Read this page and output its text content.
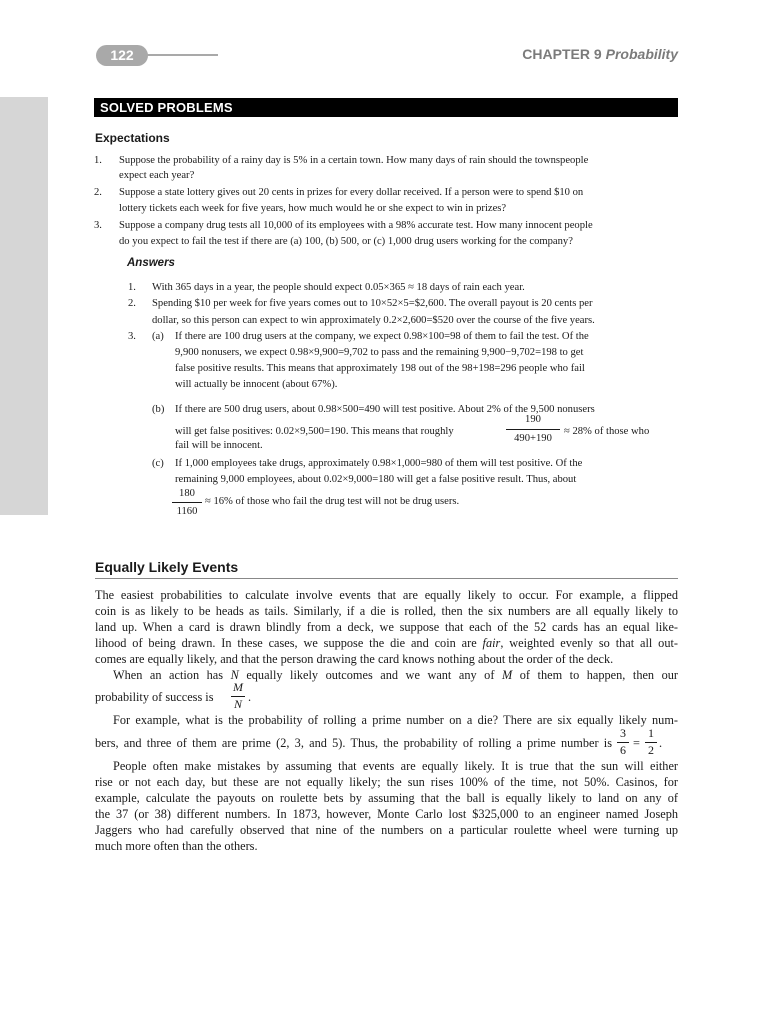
122	CHAPTER 9 Probability
SOLVED PROBLEMS
Expectations
1. Suppose the probability of a rainy day is 5% in a certain town. How many days of rain should the townspeople
expect each year?
2. Suppose a state lottery gives out 20 cents in prizes for every dollar received. If a person were to spend $10 on
lottery tickets each week for five years, how much would he or she expect to win in prizes?
3. Suppose a company drug tests all 10,000 of its employees with a 98% accurate test. How many innocent people
do you expect to fail the test if there are (a) 100, (b) 500, or (c) 1,000 drug users working for the company?
Answers
1. With 365 days in a year, the people should expect 0.05×365 ≈ 18 days of rain each year.
2. Spending $10 per week for five years comes out to 10×52×5=$2,600. The overall payout is 20 cents per
dollar, so this person can expect to win approximately 0.2×2,600=$520 over the course of the five years.
3. (a) If there are 100 drug users at the company, we expect 0.98×100=98 of them to fail the test. Of the
9,900 nonusers, we expect 0.98×9,900=9,702 to pass and the remaining 9,900−9,702=198 to get
false positive results. This means that approximately 198 out of the 98+198=296 people who fail
will actually be innocent (about 67%).
(b) If there are 500 drug users, about 0.98×500=490 will test positive. About 2% of the 9,500 nonusers
will get false positives: 0.02×9,500=190. This means that roughly
190
490+190
≈ 28% of those who
fail will be innocent.
(c) If 1,000 employees take drugs, approximately 0.98×1,000=980 of them will test positive. Of the
remaining 9,000 employees, about 0.02×9,000=180 will get a false positive result. Thus, about
180
1160
≈ 16% of those who fail the drug test will not be drug users.
Equally Likely Events
The easiest probabilities to calculate involve events that are equally likely to occur. For example, a flipped
coin is as likely to be heads as tails. Similarly, if a die is rolled, then the six numbers are all equally likely to
land up. When a card is drawn blindly from a deck, we suppose that each of the 52 cards has an equal like-
lihood of being drawn. In these cases, we suppose the die and coin are fair, weighted evenly so that all out-
comes are equally likely, and that the person drawing the card knows nothing about the order of the deck.
When an action has N equally likely outcomes and we want any of M of them to happen, then our
probability of success is
M
N .
For example, what is the probability of rolling a prime number on a die? There are six equally likely num-
bers, and three of them are prime (2, 3, and 5). Thus, the probability of rolling a prime number is
3
6 =
1
2 .
People often make mistakes by assuming that events are equally likely. It is true that the sun will either
rise or not each day, but these are not equally likely; the sun rises 100% of the time, not 50%. Casinos, for
example, calculate the payouts on roulette bets by assuming that the ball is equally likely to land on any of
the 37 (or 38) different numbers. In 1873, however, Monte Carlo lost $325,000 to an engineer named Joseph
Jaggers who had carefully observed that nine of the numbers on a particular roulette wheel were turning up
much more often than the others.
